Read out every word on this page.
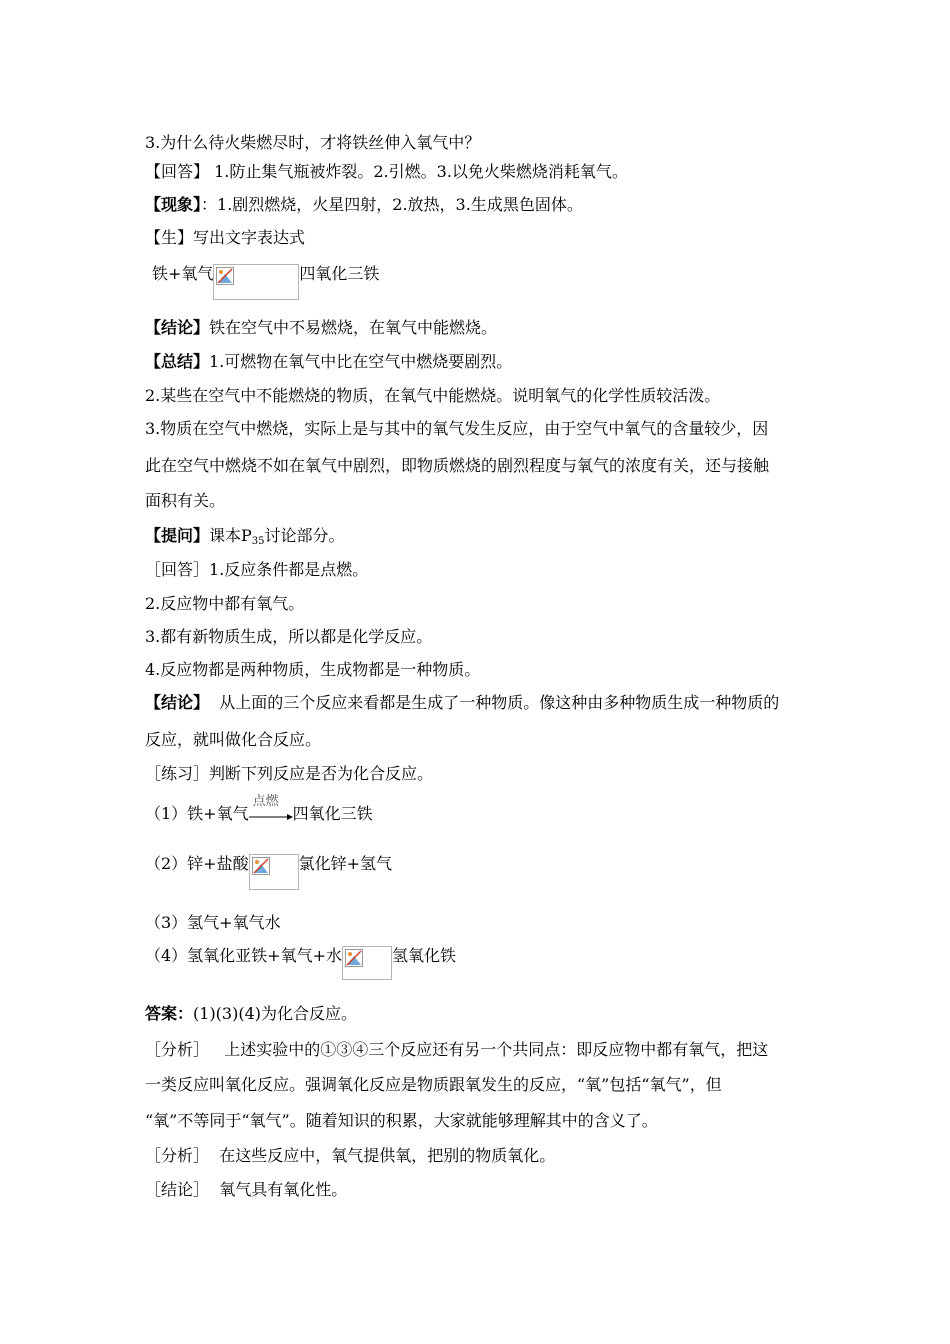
3.为什么待火柴燃尽时，才将铁丝伸入氧气中？
【回答】 1.防止集气瓶被炸裂。2.引燃。3.以免火柴燃烧消耗氧气。
【现象】：1.剧烈燃烧，火星四射，2.放热，3.生成黑色固体。
【生】写出文字表达式
铁+氧气	四氧化三铁
【结论】铁在空气中不易燃烧，在氧气中能燃烧。
【总结】1.可燃物在氧气中比在空气中燃烧要剧烈。
2.某些在空气中不能燃烧的物质，在氧气中能燃烧。说明氧气的化学性质较活泼。
3.物质在空气中燃烧，实际上是与其中的氧气发生反应，由于空气中氧气的含量较少，因
此在空气中燃烧不如在氧气中剧烈，即物质燃烧的剧烈程度与氧气的浓度有关，还与接触
面积有关。
【提问】课本$P_{35}$讨论部分。
［回答］1.反应条件都是点燃。
2.反应物中都有氧气。
3.都有新物质生成，所以都是化学反应。
4.反应物都是两种物质，生成物都是一种物质。
【结论】  从上面的三个反应来看都是生成了一种物质。像这种由多种物质生成一种物质的
反应，就叫做化合反应。
［练习］判断下列反应是否为化合反应。
（1）铁+氧气
点燃
四氧化三铁
（2）锌+盐酸	氯化锌+氢气
（3）氢气+氧气水
（4）氢氧化亚铁+氧气+水	氢氧化铁
答案：(1)(3)(4)为化合反应。
［分析］   上述实验中的①③④三个反应还有另一个共同点：即反应物中都有氧气，把这
一类反应叫氧化反应。强调氧化反应是物质跟氧发生的反应，“氧”包括“氧气”，但
“氧”不等同于“氧气”。随着知识的积累，大家就能够理解其中的含义了。
［分析］  在这些反应中，氧气提供氧，把别的物质氧化。
［结论］  氧气具有氧化性。
